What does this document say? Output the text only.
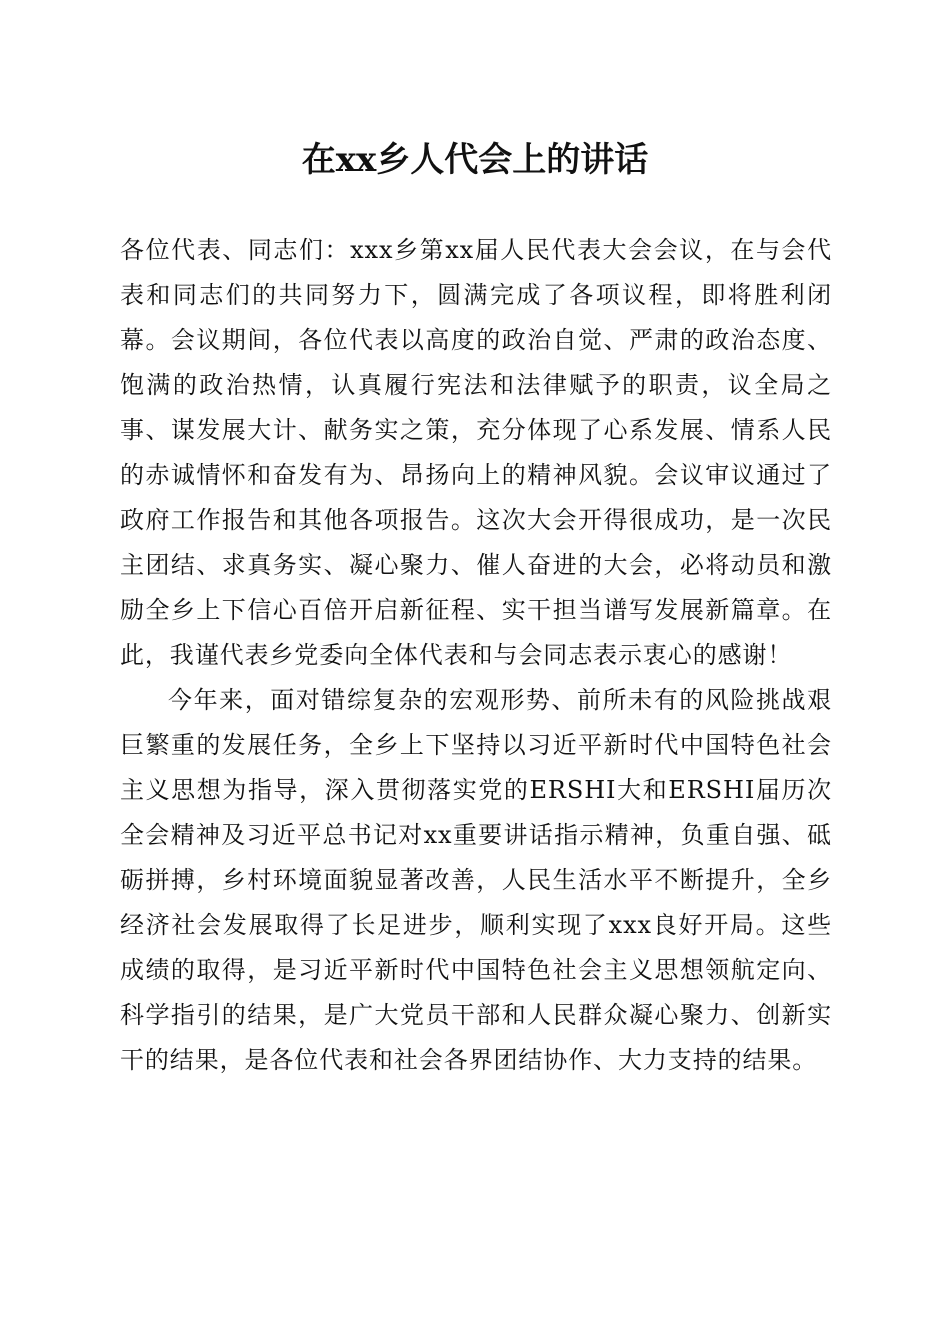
在xx乡人代会上的讲话

各位代表、同志们：xxx乡第xx届人民代表大会会议，在与会代表和同志们的共同努力下，圆满完成了各项议程，即将胜利闭幕。会议期间，各位代表以高度的政治自觉、严肃的政治态度、饱满的政治热情，认真履行宪法和法律赋予的职责，议全局之事、谋发展大计、献务实之策，充分体现了心系发展、情系人民的赤诚情怀和奋发有为、昂扬向上的精神风貌。会议审议通过了政府工作报告和其他各项报告。这次大会开得很成功，是一次民主团结、求真务实、凝心聚力、催人奋进的大会，必将动员和激励全乡上下信心百倍开启新征程、实干担当谱写发展新篇章。在此，我谨代表乡党委向全体代表和与会同志表示衷心的感谢！

今年来，面对错综复杂的宏观形势、前所未有的风险挑战艰巨繁重的发展任务，全乡上下坚持以习近平新时代中国特色社会主义思想为指导，深入贯彻落实党的ERSHI大和ERSHI届历次全会精神及习近平总书记对xx重要讲话指示精神，负重自强、砥砺拼搏，乡村环境面貌显著改善，人民生活水平不断提升，全乡经济社会发展取得了长足进步，顺利实现了xxx良好开局。这些成绩的取得，是习近平新时代中国特色社会主义思想领航定向、科学指引的结果，是广大党员干部和人民群众凝心聚力、创新实干的结果，是各位代表和社会各界团结协作、大力支持的结果。
